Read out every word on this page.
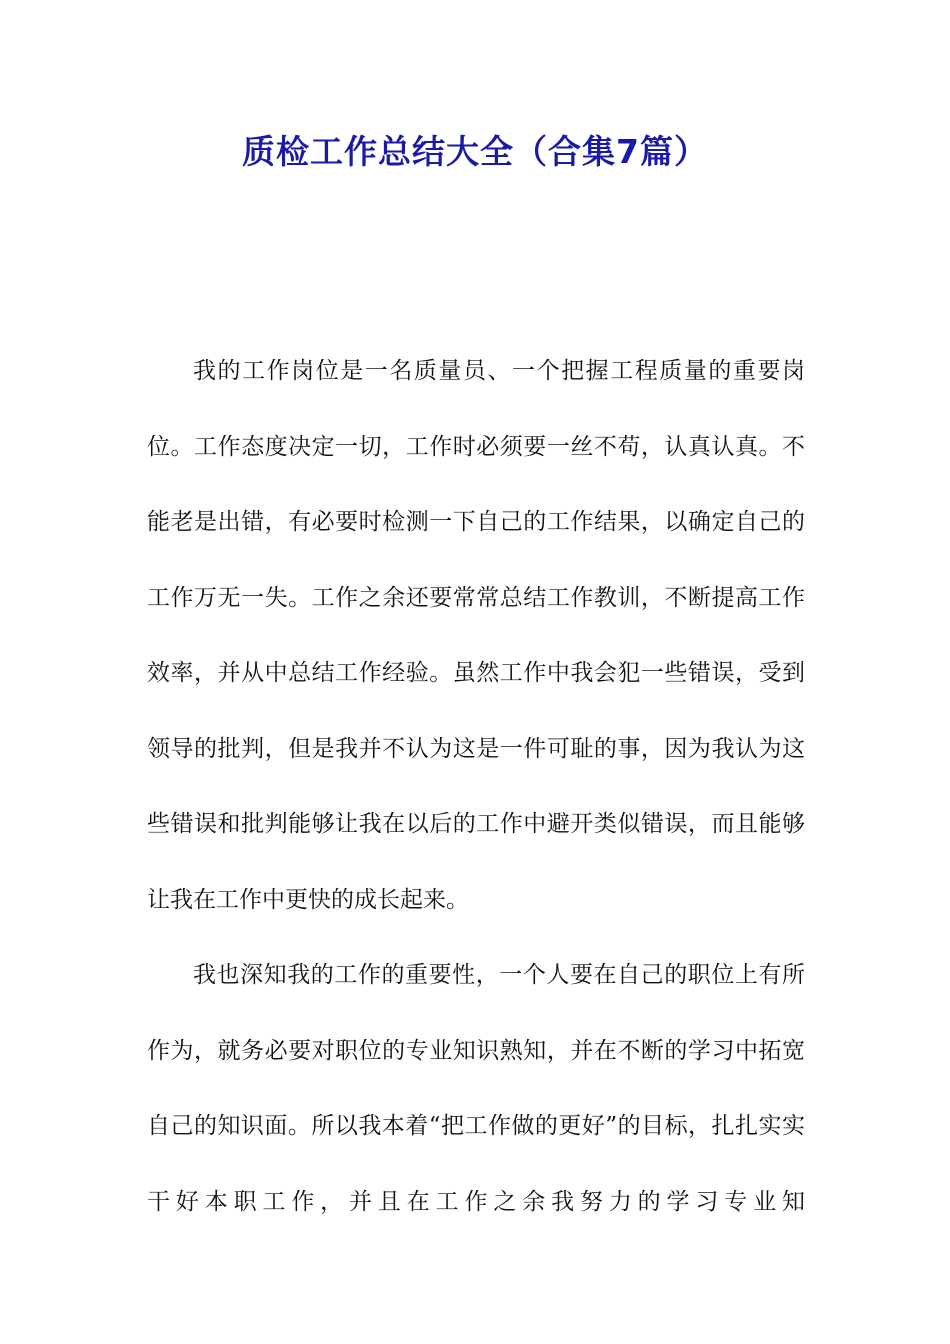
质检工作总结大全（合集7篇）

我的工作岗位是一名质量员、一个把握工程质量的重要岗位。工作态度决定一切，工作时必须要一丝不苟，认真认真。不能老是出错，有必要时检测一下自己的工作结果，以确定自己的工作万无一失。工作之余还要常常总结工作教训，不断提高工作效率，并从中总结工作经验。虽然工作中我会犯一些错误，受到领导的批判，但是我并不认为这是一件可耻的事，因为我认为这些错误和批判能够让我在以后的工作中避开类似错误，而且能够让我在工作中更快的成长起来。

我也深知我的工作的重要性，一个人要在自己的职位上有所作为，就务必要对职位的专业知识熟知，并在不断的学习中拓宽自己的知识面。所以我本着“把工作做的更好”的目标，扎扎实实干好本职工作，并且在工作之余我努力的学习专业知
